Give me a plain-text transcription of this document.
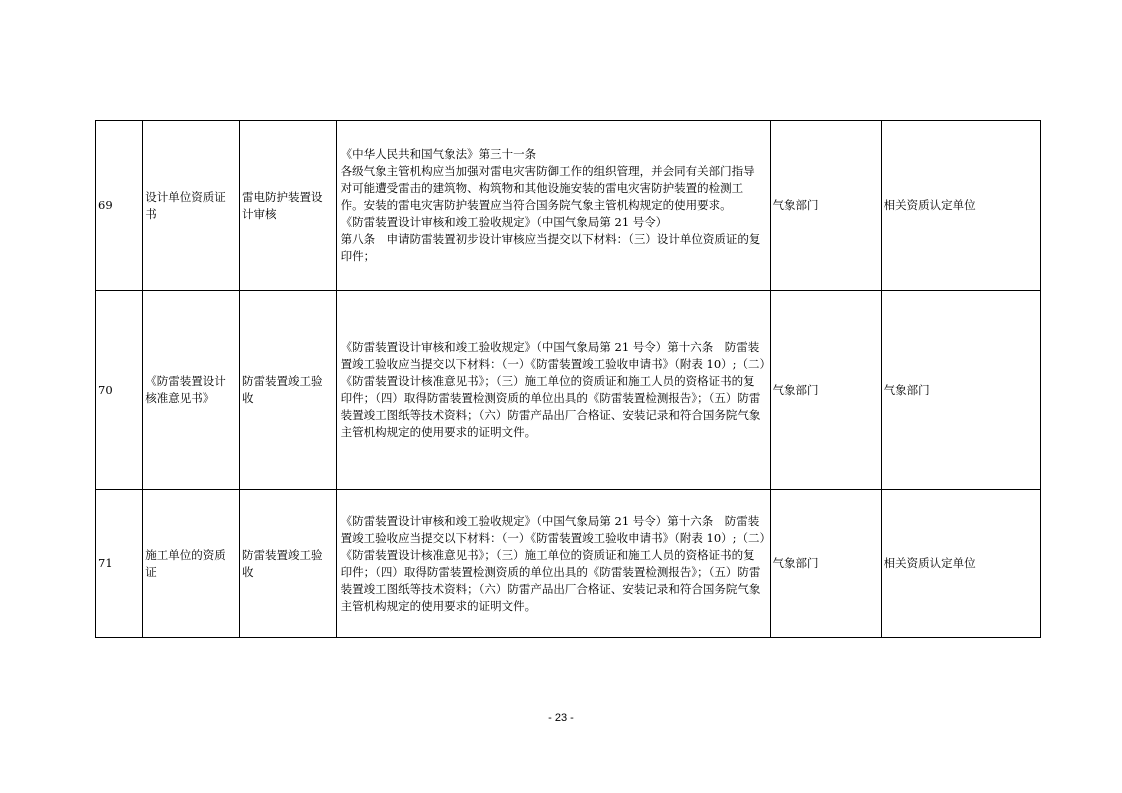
69	设计单位资质证书	雷电防护装置设计审核	《中华人民共和国气象法》第三十一条
各级气象主管机构应当加强对雷电灾害防御工作的组织管理，并会同有关部门指导对可能遭受雷击的建筑物、构筑物和其他设施安装的雷电灾害防护装置的检测工作。安装的雷电灾害防护装置应当符合国务院气象主管机构规定的使用要求。
《防雷装置设计审核和竣工验收规定》（中国气象局第 21 号令）
第八条　申请防雷装置初步设计审核应当提交以下材料：（三）设计单位资质证的复印件；	气象部门	相关资质认定单位
70	《防雷装置设计核准意见书》	防雷装置竣工验收	《防雷装置设计审核和竣工验收规定》（中国气象局第 21 号令）第十六条　防雷装置竣工验收应当提交以下材料：（一）《防雷装置竣工验收申请书》（附表 10）;（二）《防雷装置设计核准意见书》；（三）施工单位的资质证和施工人员的资格证书的复印件；（四）取得防雷装置检测资质的单位出具的《防雷装置检测报告》；（五）防雷装置竣工图纸等技术资料；（六）防雷产品出厂合格证、安装记录和符合国务院气象主管机构规定的使用要求的证明文件。	气象部门	气象部门
71	施工单位的资质证	防雷装置竣工验收	《防雷装置设计审核和竣工验收规定》（中国气象局第 21 号令）第十六条　防雷装置竣工验收应当提交以下材料：（一）《防雷装置竣工验收申请书》（附表 10）;（二）《防雷装置设计核准意见书》；（三）施工单位的资质证和施工人员的资格证书的复印件；（四）取得防雷装置检测资质的单位出具的《防雷装置检测报告》；（五）防雷装置竣工图纸等技术资料；（六）防雷产品出厂合格证、安装记录和符合国务院气象主管机构规定的使用要求的证明文件。	气象部门	相关资质认定单位
- 23 -
